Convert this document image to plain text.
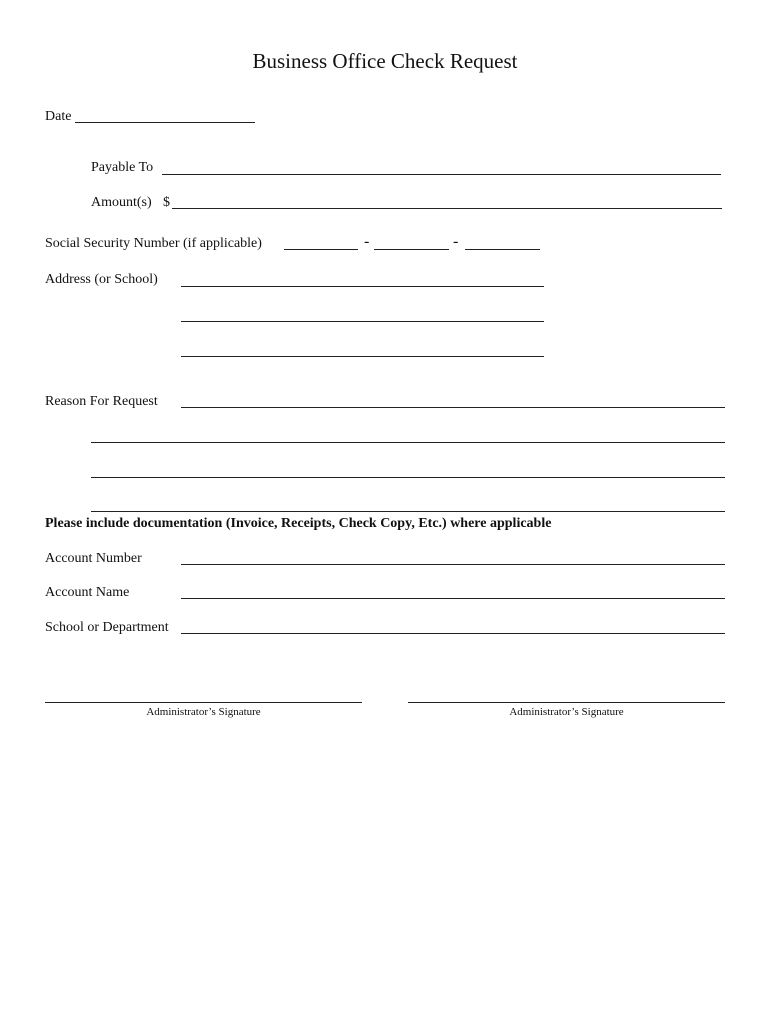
Business Office Check Request
Date
Payable To
Amount(s) $
Social Security Number (if applicable)	-	-
Address (or School)
Reason For Request
Please include documentation (Invoice, Receipts, Check Copy, Etc.) where applicable
Account Number
Account Name
School or Department
Administrator’s Signature	Administrator’s Signature
